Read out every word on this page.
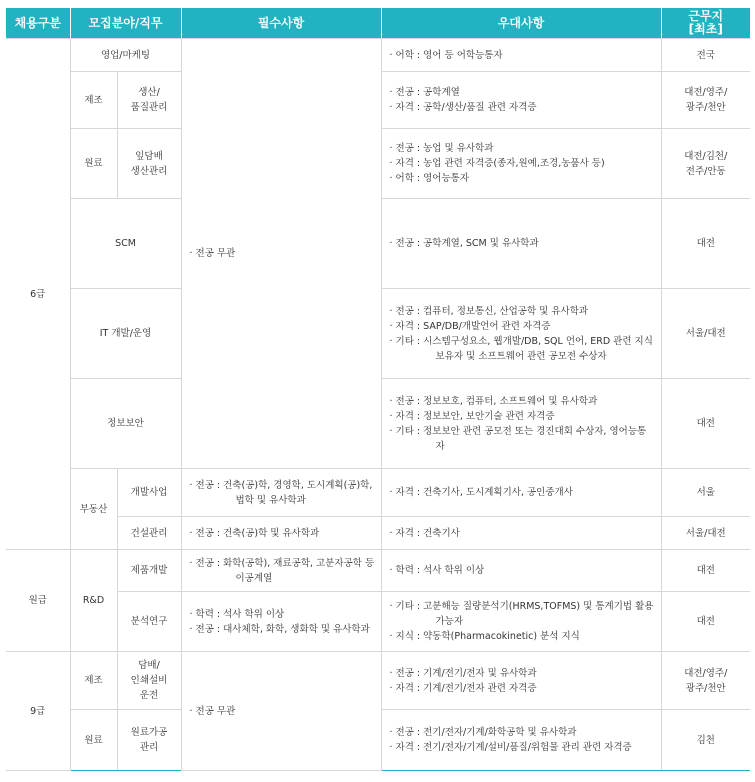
채용구분	모집분야/직무		필수사항	우대사항	근무지
[최초]

6급	영업/마케팅		· 전공 무관	· 어학 : 영어 등 어학능통자	전국

	제조	생산/
품질관리		· 전공 : 공학계열
· 자격 : 공학/생산/품질 관련 자격증	대전/영주/
광주/천안

	원료	잎담배
생산관리		· 전공 : 농업 및 유사학과
· 자격 : 농업 관련 자격증(종자,원예,조경,농품사 등)
· 어학 : 영어능통자	대전/김천/
전주/안동

	SCM			· 전공 : 공학계열, SCM 및 유사학과	대전

	IT 개발/운영			· 전공 : 컴퓨터, 정보통신, 산업공학 및 유사학과
· 자격 : SAP/DB/개발언어 관련 자격증
· 기타 : 시스템구성요소, 웹개발/DB, SQL 언어, ERD 관련 지식 보유자 및 소프트웨어 관련 공모전 수상자	서울/대전

	정보보안			· 전공 : 정보보호, 컴퓨터, 소프트웨어 및 유사학과
· 자격 : 정보보안, 보안기술 관련 자격증
· 기타 : 정보보안 관련 공모전 또는 경진대회 수상자, 영어능통자	대전

	부동산	개발사업	· 전공 : 건축(공)학, 경영학, 도시계획(공)학, 법학 및 유사학과	· 자격 : 건축기사, 도시계획기사, 공인중개사	서울

		건설관리	· 전공 : 건축(공)학 및 유사학과	· 자격 : 건축기사	서울/대전

원급	R&D	제품개발	· 전공 : 화학(공학), 재료공학, 고분자공학 등 이공계열	· 학력 : 석사 학위 이상	대전

		분석연구	· 학력 : 석사 학위 이상
· 전공 : 대사체학, 화학, 생화학 및 유사학과	· 기타 : 고분해능 질량분석기(HRMS,TOFMS) 및 통계기법 활용 가능자
· 지식 : 약동학(Pharmacokinetic) 분석 지식	대전

9급	제조	담배/
인쇄설비
운전	· 전공 무관	· 전공 : 기계/전기/전자 및 유사학과
· 자격 : 기계/전기/전자 관련 자격증	대전/영주/
광주/천안

	원료	원료가공
관리		· 전공 : 전기/전자/기계/화학공학 및 유사학과
· 자격 : 전기/전자/기계/설비/품질/위험물 관리 관련 자격증	김천
